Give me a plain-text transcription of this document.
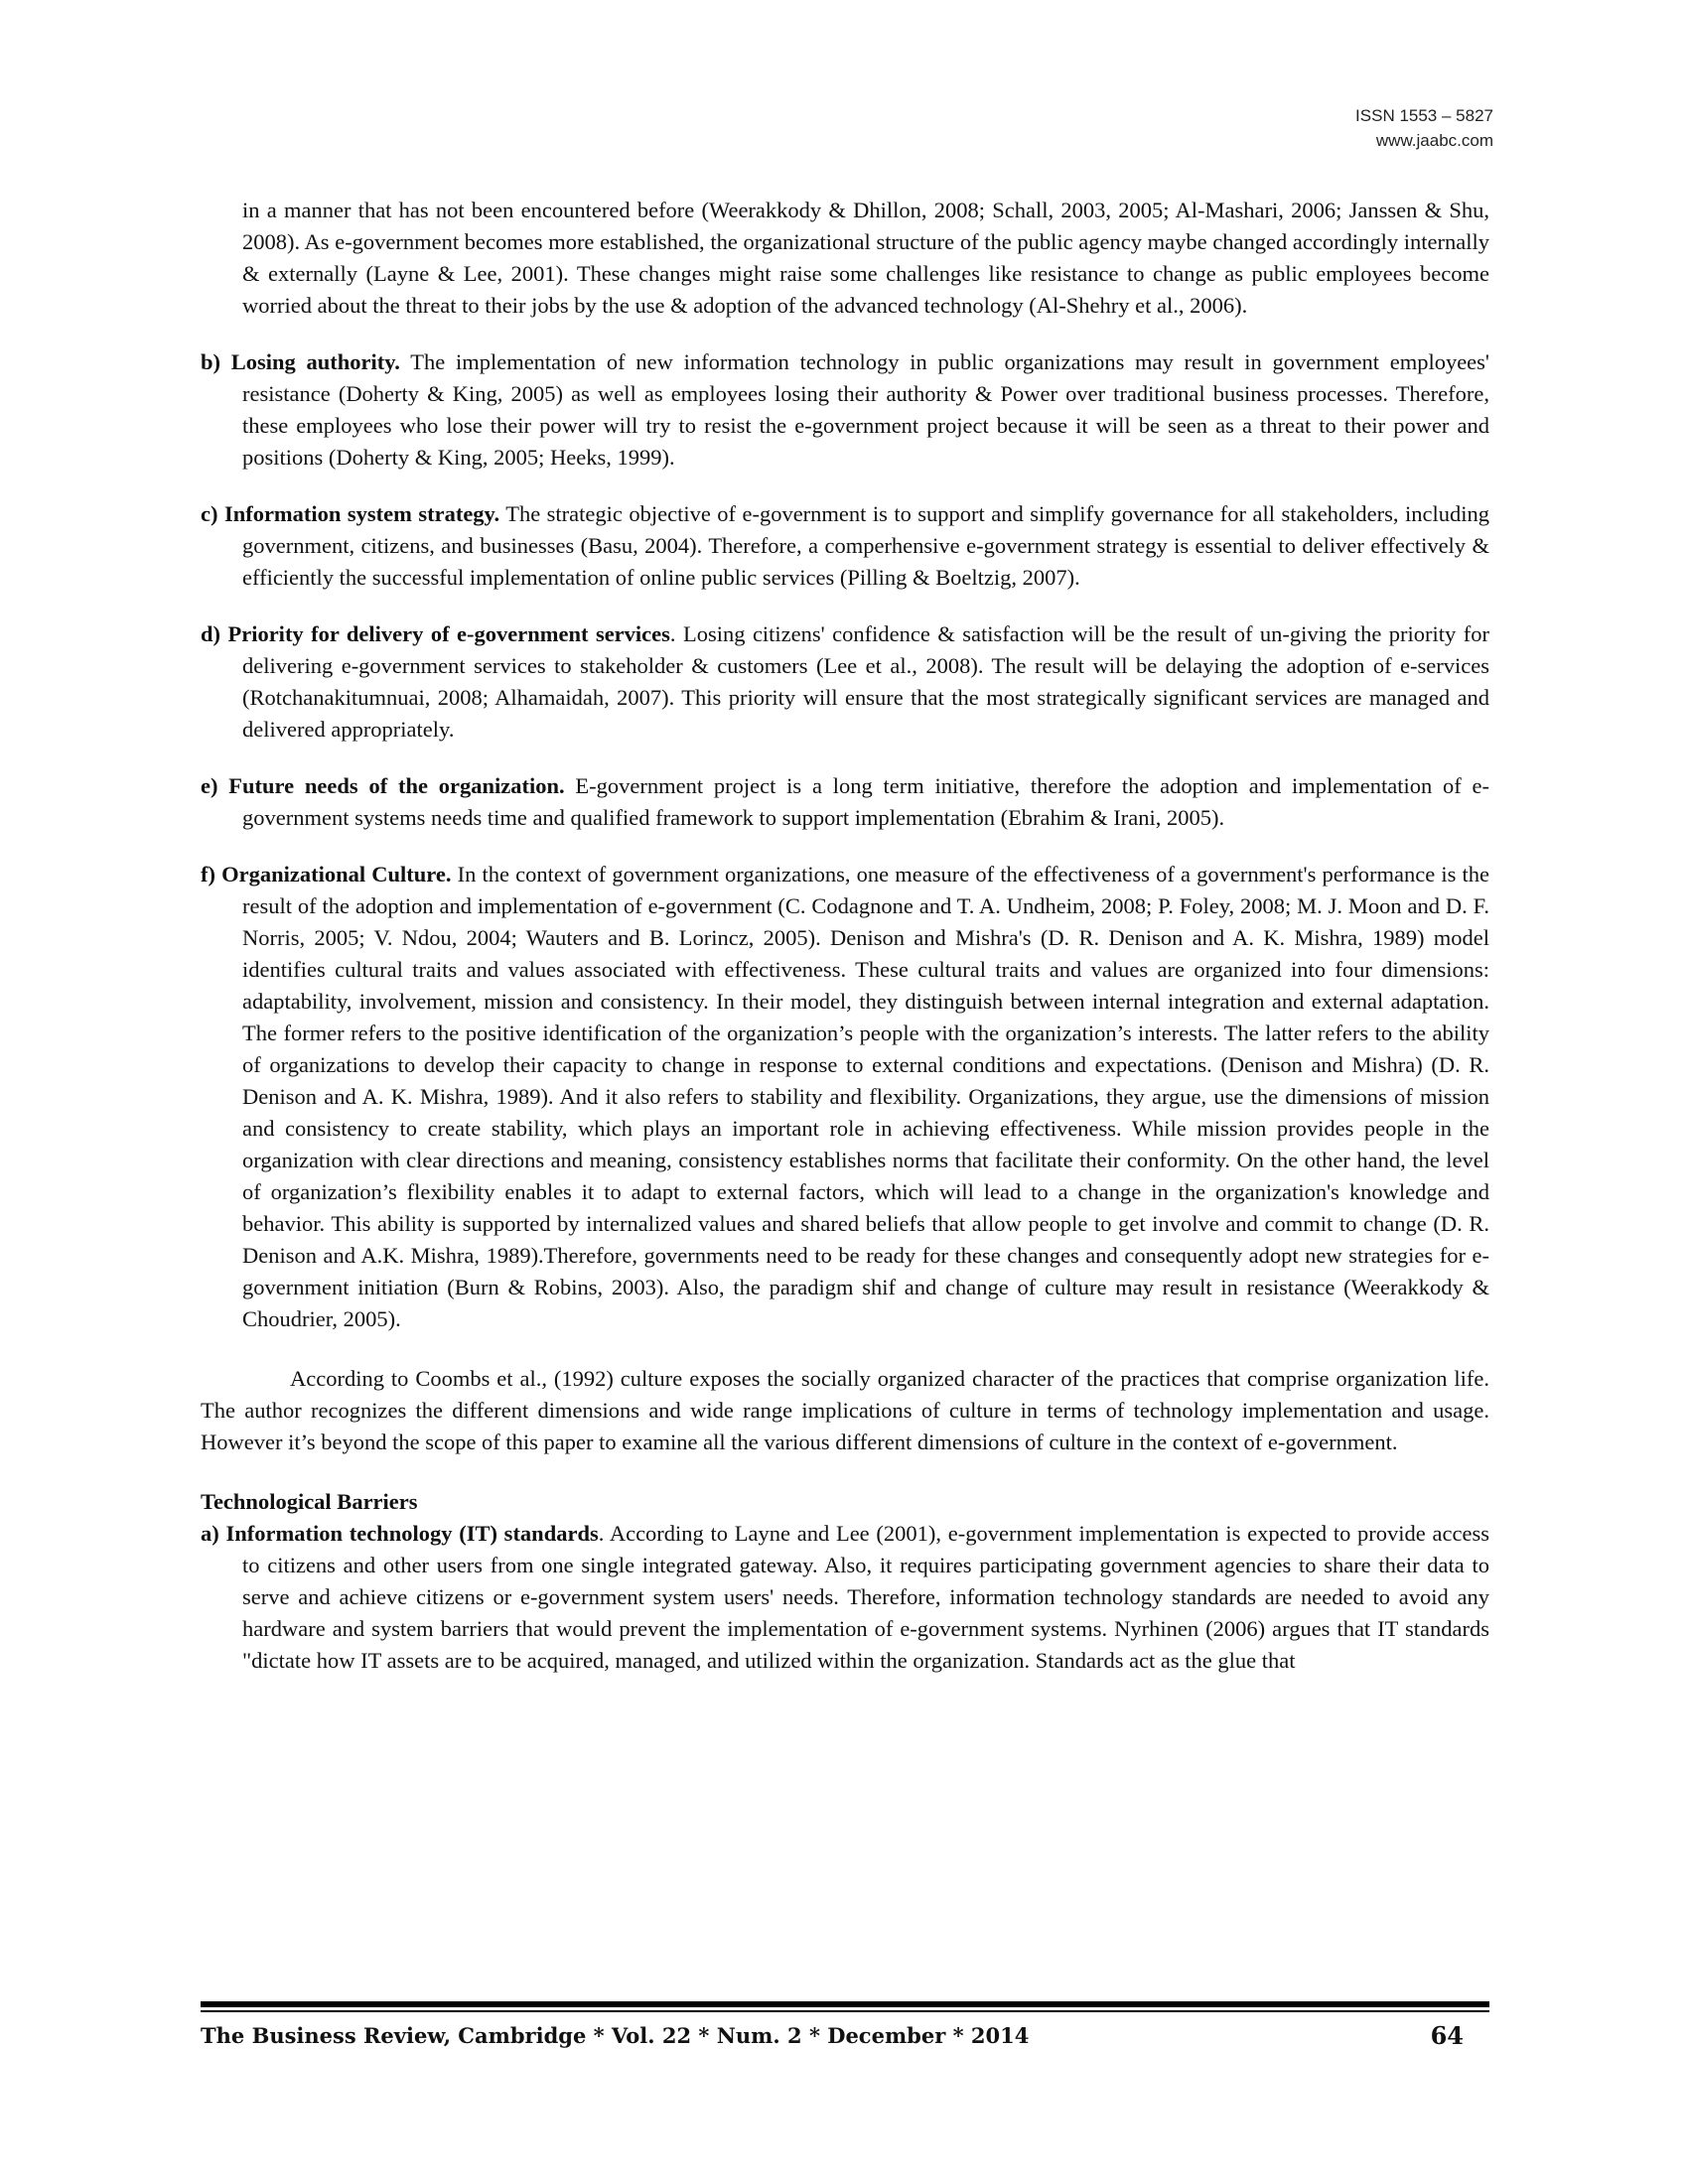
ISSN 1553 – 5827
www.jaabc.com

in a manner that has not been encountered before (Weerakkody & Dhillon, 2008; Schall, 2003, 2005; Al-Mashari, 2006; Janssen & Shu, 2008). As e-government becomes more established, the organizational structure of the public agency maybe changed accordingly internally & externally (Layne & Lee, 2001). These changes might raise some challenges like resistance to change as public employees become worried about the threat to their jobs by the use & adoption of the advanced technology (Al-Shehry et al., 2006).

b) Losing authority. The implementation of new information technology in public organizations may result in government employees' resistance (Doherty & King, 2005) as well as employees losing their authority & Power over traditional business processes. Therefore, these employees who lose their power will try to resist the e-government project because it will be seen as a threat to their power and positions (Doherty & King, 2005; Heeks, 1999).

c) Information system strategy. The strategic objective of e-government is to support and simplify governance for all stakeholders, including government, citizens, and businesses (Basu, 2004). Therefore, a comperhensive e-government strategy is essential to deliver effectively & efficiently the successful implementation of online public services (Pilling & Boeltzig, 2007).

d) Priority for delivery of e-government services. Losing citizens' confidence & satisfaction will be the result of un-giving the priority for delivering e-government services to stakeholder & customers (Lee et al., 2008). The result will be delaying the adoption of e-services (Rotchanakitumnuai, 2008; Alhamaidah, 2007). This priority will ensure that the most strategically significant services are managed and delivered appropriately.

e) Future needs of the organization. E-government project is a long term initiative, therefore the adoption and implementation of e-government systems needs time and qualified framework to support implementation (Ebrahim & Irani, 2005).

f) Organizational Culture. In the context of government organizations, one measure of the effectiveness of a government's performance is the result of the adoption and implementation of e-government (C. Codagnone and T. A. Undheim, 2008; P. Foley, 2008; M. J. Moon and D. F. Norris, 2005; V. Ndou, 2004; Wauters and B. Lorincz, 2005). Denison and Mishra's (D. R. Denison and A. K. Mishra, 1989) model identifies cultural traits and values associated with effectiveness. These cultural traits and values are organized into four dimensions: adaptability, involvement, mission and consistency. In their model, they distinguish between internal integration and external adaptation. The former refers to the positive identification of the organization’s people with the organization’s interests. The latter refers to the ability of organizations to develop their capacity to change in response to external conditions and expectations. (Denison and Mishra) (D. R. Denison and A. K. Mishra, 1989). And it also refers to stability and flexibility. Organizations, they argue, use the dimensions of mission and consistency to create stability, which plays an important role in achieving effectiveness. While mission provides people in the organization with clear directions and meaning, consistency establishes norms that facilitate their conformity. On the other hand, the level of organization’s flexibility enables it to adapt to external factors, which will lead to a change in the organization's knowledge and behavior. This ability is supported by internalized values and shared beliefs that allow people to get involve and commit to change (D. R. Denison and A.K. Mishra, 1989).Therefore, governments need to be ready for these changes and consequently adopt new strategies for e-government initiation (Burn & Robins, 2003). Also, the paradigm shif and change of culture may result in resistance (Weerakkody & Choudrier, 2005).

According to Coombs et al., (1992) culture exposes the socially organized character of the practices that comprise organization life. The author recognizes the different dimensions and wide range implications of culture in terms of technology implementation and usage. However it’s beyond the scope of this paper to examine all the various different dimensions of culture in the context of e-government.

Technological Barriers

a) Information technology (IT) standards. According to Layne and Lee (2001), e-government implementation is expected to provide access to citizens and other users from one single integrated gateway. Also, it requires participating government agencies to share their data to serve and achieve citizens or e-government system users' needs. Therefore, information technology standards are needed to avoid any hardware and system barriers that would prevent the implementation of e-government systems. Nyrhinen (2006) argues that IT standards "dictate how IT assets are to be acquired, managed, and utilized within the organization. Standards act as the glue that

The Business Review, Cambridge * Vol. 22 * Num. 2 * December * 2014	64
